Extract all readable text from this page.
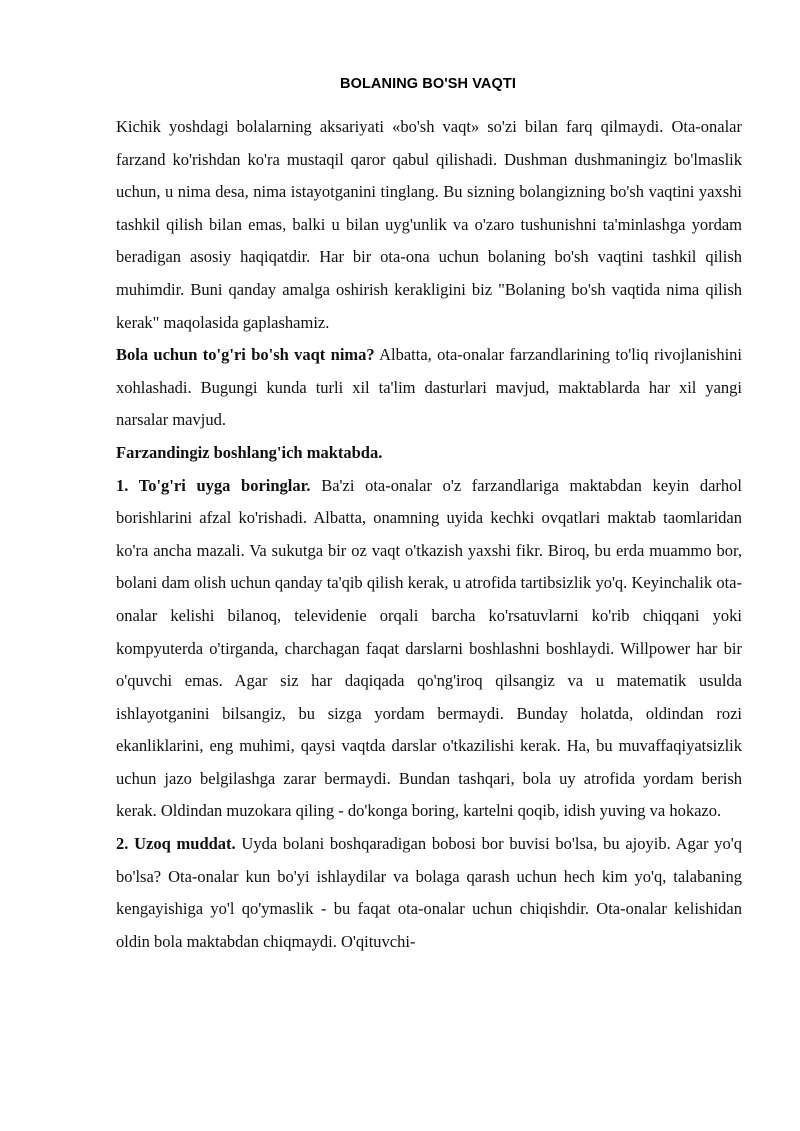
BOLANING BO'SH VAQTI

Kichik yoshdagi bolalarning aksariyati «bo'sh vaqt» so'zi bilan farq qilmaydi. Ota-onalar farzand ko'rishdan ko'ra mustaqil qaror qabul qilishadi. Dushman dushmaningiz bo'lmaslik uchun, u nima desa, nima istayotganini tinglang. Bu sizning bolangizning bo'sh vaqtini yaxshi tashkil qilish bilan emas, balki u bilan uyg'unlik va o'zaro tushunishni ta'minlashga yordam beradigan asosiy haqiqatdir. Har bir ota-ona uchun bolaning bo'sh vaqtini tashkil qilish muhimdir. Buni qanday amalga oshirish kerakligini biz "Bolaning bo'sh vaqtida nima qilish kerak" maqolasida gaplashamiz.

Bola uchun to'g'ri bo'sh vaqt nima? Albatta, ota-onalar farzandlarining to'liq rivojlanishini xohlashadi. Bugungi kunda turli xil ta'lim dasturlari mavjud, maktablarda har xil yangi narsalar mavjud.

Farzandingiz boshlang'ich maktabda.

1. To'g'ri uyga boringlar. Ba'zi ota-onalar o'z farzandlariga maktabdan keyin darhol borishlarini afzal ko'rishadi. Albatta, onamning uyida kechki ovqatlari maktab taomlaridan ko'ra ancha mazali. Va sukutga bir oz vaqt o'tkazish yaxshi fikr. Biroq, bu erda muammo bor, bolani dam olish uchun qanday ta'qib qilish kerak, u atrofida tartibsizlik yo'q. Keyinchalik ota-onalar kelishi bilanoq, televidenie orqali barcha ko'rsatuvlarni ko'rib chiqqani yoki kompyuterda o'tirganda, charchagan faqat darslarni boshlashni boshlaydi. Willpower har bir o'quvchi emas. Agar siz har daqiqada qo'ng'iroq qilsangiz va u matematik usulda ishlayotganini bilsangiz, bu sizga yordam bermaydi. Bunday holatda, oldindan rozi ekanliklarini, eng muhimi, qaysi vaqtda darslar o'tkazilishi kerak. Ha, bu muvaffaqiyatsizlik uchun jazo belgilashga zarar bermaydi. Bundan tashqari, bola uy atrofida yordam berish kerak. Oldindan muzokara qiling - do'konga boring, kartelni qoqib, idish yuving va hokazo.

2. Uzoq muddat. Uyda bolani boshqaradigan bobosi bor buvisi bo'lsa, bu ajoyib. Agar yo'q bo'lsa? Ota-onalar kun bo'yi ishlaydilar va bolaga qarash uchun hech kim yo'q, talabaning kengayishiga yo'l qo'ymaslik - bu faqat ota-onalar uchun chiqishdir. Ota-onalar kelishidan oldin bola maktabdan chiqmaydi. O'qituvchi-
